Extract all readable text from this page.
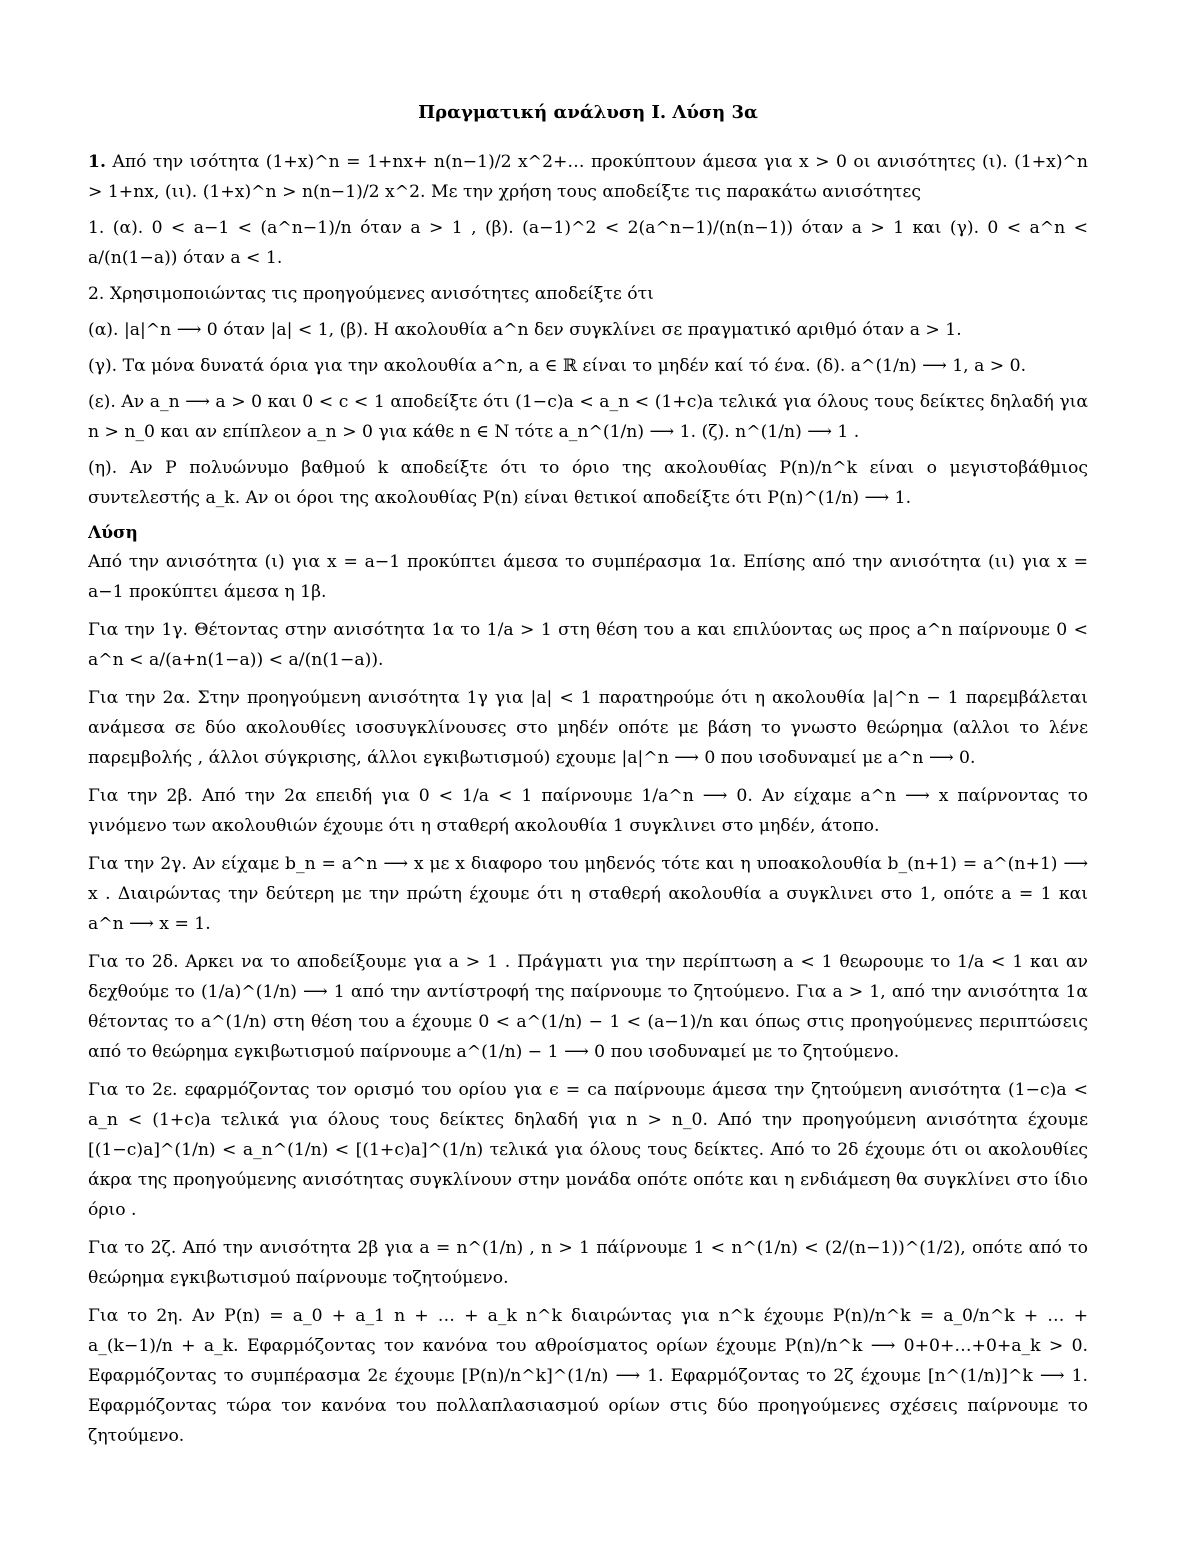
Πραγματική ανάλυση Ι. Λύση 3α

1. Από την ισότητα (1+x)^n = 1+nx+ n(n−1)/2 x^2+… προκύπτουν άμεσα για x > 0 οι ανισότητες (ι). (1+x)^n > 1+nx, (ιι). (1+x)^n > n(n−1)/2 x^2. Με την χρήση τους αποδείξτε τις παρακάτω ανισότητες

1. (α). 0 < a−1 < (a^n−1)/n όταν a > 1 , (β). (a−1)^2 < 2(a^n−1)/(n(n−1)) όταν a > 1 και (γ). 0 < a^n < a/(n(1−a)) όταν a < 1.

2. Χρησιμοποιώντας τις προηγούμενες ανισότητες αποδείξτε ότι

(α). |a|^n ⟶ 0 όταν |a| < 1, (β). Η ακολουθία a^n δεν συγκλίνει σε πραγματικό αριθμό όταν a > 1.

(γ). Τα μόνα δυνατά όρια για την ακολουθία a^n, a ∈ ℝ είναι το μηδέν καί τό ένα. (δ). a^(1/n) ⟶ 1, a > 0.

(ε). Αν a_n ⟶ a > 0 και 0 < c < 1 αποδείξτε ότι (1−c)a < a_n < (1+c)a τελικά για όλους τους δείκτες δηλαδή για n > n_0 και αν επίπλεον a_n > 0 για κάθε n ∈ N τότε a_n^(1/n) ⟶ 1. (ζ). n^(1/n) ⟶ 1 .

(η). Αν P πολυώνυμο βαθμού k αποδείξτε ότι το όριο της ακολουθίας P(n)/n^k είναι ο μεγιστοβάθμιος συντελεστής a_k. Αν οι όροι της ακολουθίας P(n) είναι θετικοί αποδείξτε ότι P(n)^(1/n) ⟶ 1.

Λύση

Από την ανισότητα (ι) για x = a−1 προκύπτει άμεσα το συμπέρασμα 1α. Επίσης από την ανισότητα (ιι) για x = a−1 προκύπτει άμεσα η 1β.

Για την 1γ. Θέτοντας στην ανισότητα 1α το 1/a > 1 στη θέση του a και επιλύοντας ως προς a^n παίρνουμε 0 < a^n < a/(a+n(1−a)) < a/(n(1−a)).

Για την 2α. Στην προηγούμενη ανισότητα 1γ για |a| < 1 παρατηρούμε ότι η ακολουθία |a|^n − 1 παρεμβάλεται ανάμεσα σε δύο ακολουθίες ισοσυγκλίνουσες στο μηδέν οπότε με βάση το γνωστο θεώρημα (αλλοι το λένε παρεμβολής , άλλοι σύγκρισης, άλλοι εγκιβωτισμού) εχουμε |a|^n ⟶ 0 που ισοδυναμεί με a^n ⟶ 0.

Για την 2β. Από την 2α επειδή για 0 < 1/a < 1 παίρνουμε 1/a^n ⟶ 0. Αν είχαμε a^n ⟶ x παίρνοντας το γινόμενο των ακολουθιών έχουμε ότι η σταθερή ακολουθία 1 συγκλινει στο μηδέν, άτοπο.

Για την 2γ. Αν είχαμε b_n = a^n ⟶ x με x διαφορο του μηδενός τότε και η υποακολουθία b_(n+1) = a^(n+1) ⟶ x . Διαιρώντας την δεύτερη με την πρώτη έχουμε ότι η σταθερή ακολουθία a συγκλινει στο 1, οπότε a = 1 και a^n ⟶ x = 1.

Για το 2δ. Αρκει να το αποδείξουμε για a > 1 . Πράγματι για την περίπτωση a < 1 θεωρουμε το 1/a < 1 και αν δεχθούμε το (1/a)^(1/n) ⟶ 1 από την αντίστροφή της παίρνουμε το ζητούμενο. Για a > 1, από την ανισότητα 1α θέτοντας το a^(1/n) στη θέση του a έχουμε 0 < a^(1/n) − 1 < (a−1)/n και όπως στις προηγούμενες περιπτώσεις από το θεώρημα εγκιβωτισμού παίρνουμε a^(1/n) − 1 ⟶ 0 που ισοδυναμεί με το ζητούμενο.

Για το 2ε. εφαρμόζοντας τον ορισμό του ορίου για ϵ = ca παίρνουμε άμεσα την ζητούμενη ανισότητα (1−c)a < a_n < (1+c)a τελικά για όλους τους δείκτες δηλαδή για n > n_0. Από την προηγούμενη ανισότητα έχουμε [(1−c)a]^(1/n) < a_n^(1/n) < [(1+c)a]^(1/n) τελικά για όλους τους δείκτες. Από το 2δ έχουμε ότι οι ακολουθίες άκρα της προηγούμενης ανισότητας συγκλίνουν στην μονάδα οπότε οπότε και η ενδιάμεση θα συγκλίνει στο ίδιο όριο .

Για το 2ζ. Από την ανισότητα 2β για a = n^(1/n) , n > 1 πάίρνουμε 1 < n^(1/n) < (2/(n−1))^(1/2), οπότε από το θεώρημα εγκιβωτισμού παίρνουμε τοζητούμενο.

Για το 2η. Αν P(n) = a_0 + a_1 n + … + a_k n^k διαιρώντας για n^k έχουμε P(n)/n^k = a_0/n^k + … + a_(k−1)/n + a_k. Εφαρμόζοντας τον κανόνα του αθροίσματος ορίων έχουμε P(n)/n^k ⟶ 0+0+…+0+a_k > 0. Εφαρμόζοντας το συμπέρασμα 2ε έχουμε [P(n)/n^k]^(1/n) ⟶ 1. Εφαρμόζοντας το 2ζ έχουμε [n^(1/n)]^k ⟶ 1. Εφαρμόζοντας τώρα τον κανόνα του πολλαπλασιασμού ορίων στις δύο προηγούμενες σχέσεις παίρνουμε το ζητούμενο.
